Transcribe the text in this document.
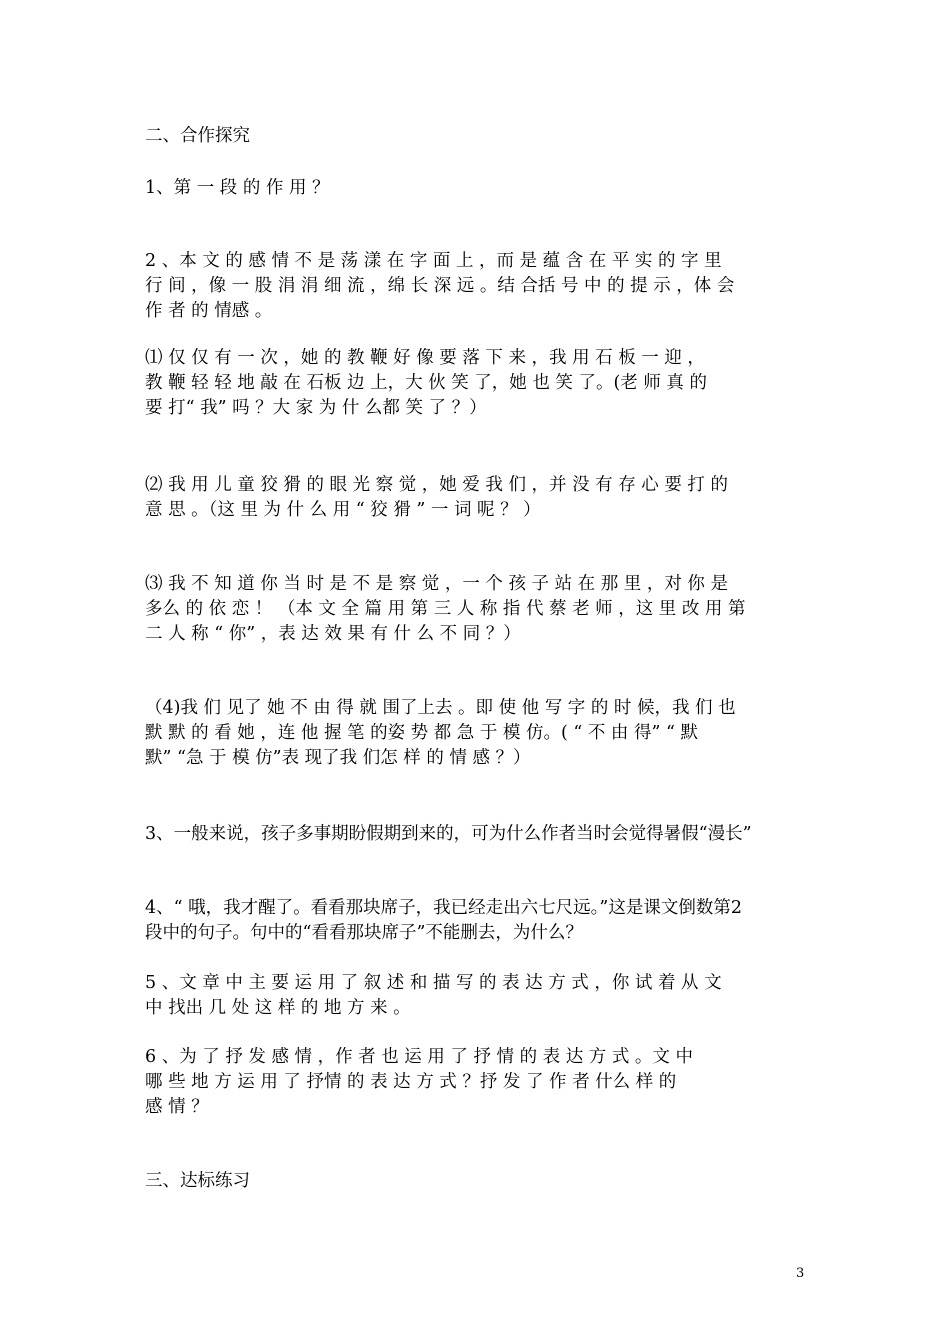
二、合作探究

1、第 一 段 的 作 用 ？

2 、本 文 的 感 情 不 是 荡 漾 在 字 面 上 ，而 是 蕴 含 在 平 实 的 字 里
行 间 ，像 一 股 涓 涓 细 流 ，绵 长 深 远 。结 合括 号 中 的 提 示 ，体 会
作 者 的 情感 。
⑴ 仅 仅 有 一 次 ，她 的 教 鞭 好 像 要 落 下 来 ，我 用 石 板 一 迎 ，
教 鞭 轻 轻 地 敲 在 石板 边 上，大 伙 笑 了，她 也 笑 了。(老 师 真 的
要 打“ 我” 吗 ？大 家 为 什 么都 笑 了 ？）
⑵ 我 用 儿 童 狡 猾 的 眼 光 察 觉 ，她 爱 我 们 ，并 没 有 存 心 要 打 的
意 思 。（这 里 为 什 么 用 “ 狡 猾 ” 一 词 呢 ？ ）
⑶ 我 不 知 道 你 当 时 是 不 是 察 觉 ，一 个 孩 子 站 在 那 里 ，对 你 是
多么 的 依 恋 ！ （本 文 全 篇 用 第 三 人 称 指 代 蔡 老 师 ，这 里 改 用 第
二 人 称 “ 你” ，表 达 效 果 有 什 么 不 同 ？）
（4)我 们 见了 她 不 由 得 就 围了上去 。即 使 他 写 字 的 时 候，我 们 也
默 默 的 看 她 ，连 他 握 笔 的姿 势 都 急 于 模 仿。( “ 不 由 得” “ 默
默” “急 于 模 仿”表 现了我 们怎 样 的 情 感 ？）

3、一般来说，孩子多事期盼假期到来的，可为什么作者当时会觉得暑假“漫长”

4、“ 哦，我才醒了。看看那块席子，我已经走出六七尺远。”这是课文倒数第2
段中的句子。句中的“看看那块席子”不能删去，为什么？
5 、文 章 中 主 要 运 用 了 叙 述 和 描 写 的 表 达 方 式 ，你 试 着 从 文
中 找出 几 处 这 样 的 地 方 来 。
6 、为 了 抒 发 感 情 ，作 者 也 运 用 了 抒 情 的 表 达 方 式 。文 中
哪 些 地 方 运 用 了 抒情 的 表 达 方 式 ？抒 发 了 作 者 什么 样 的
感 情 ？

三、达标练习

3
